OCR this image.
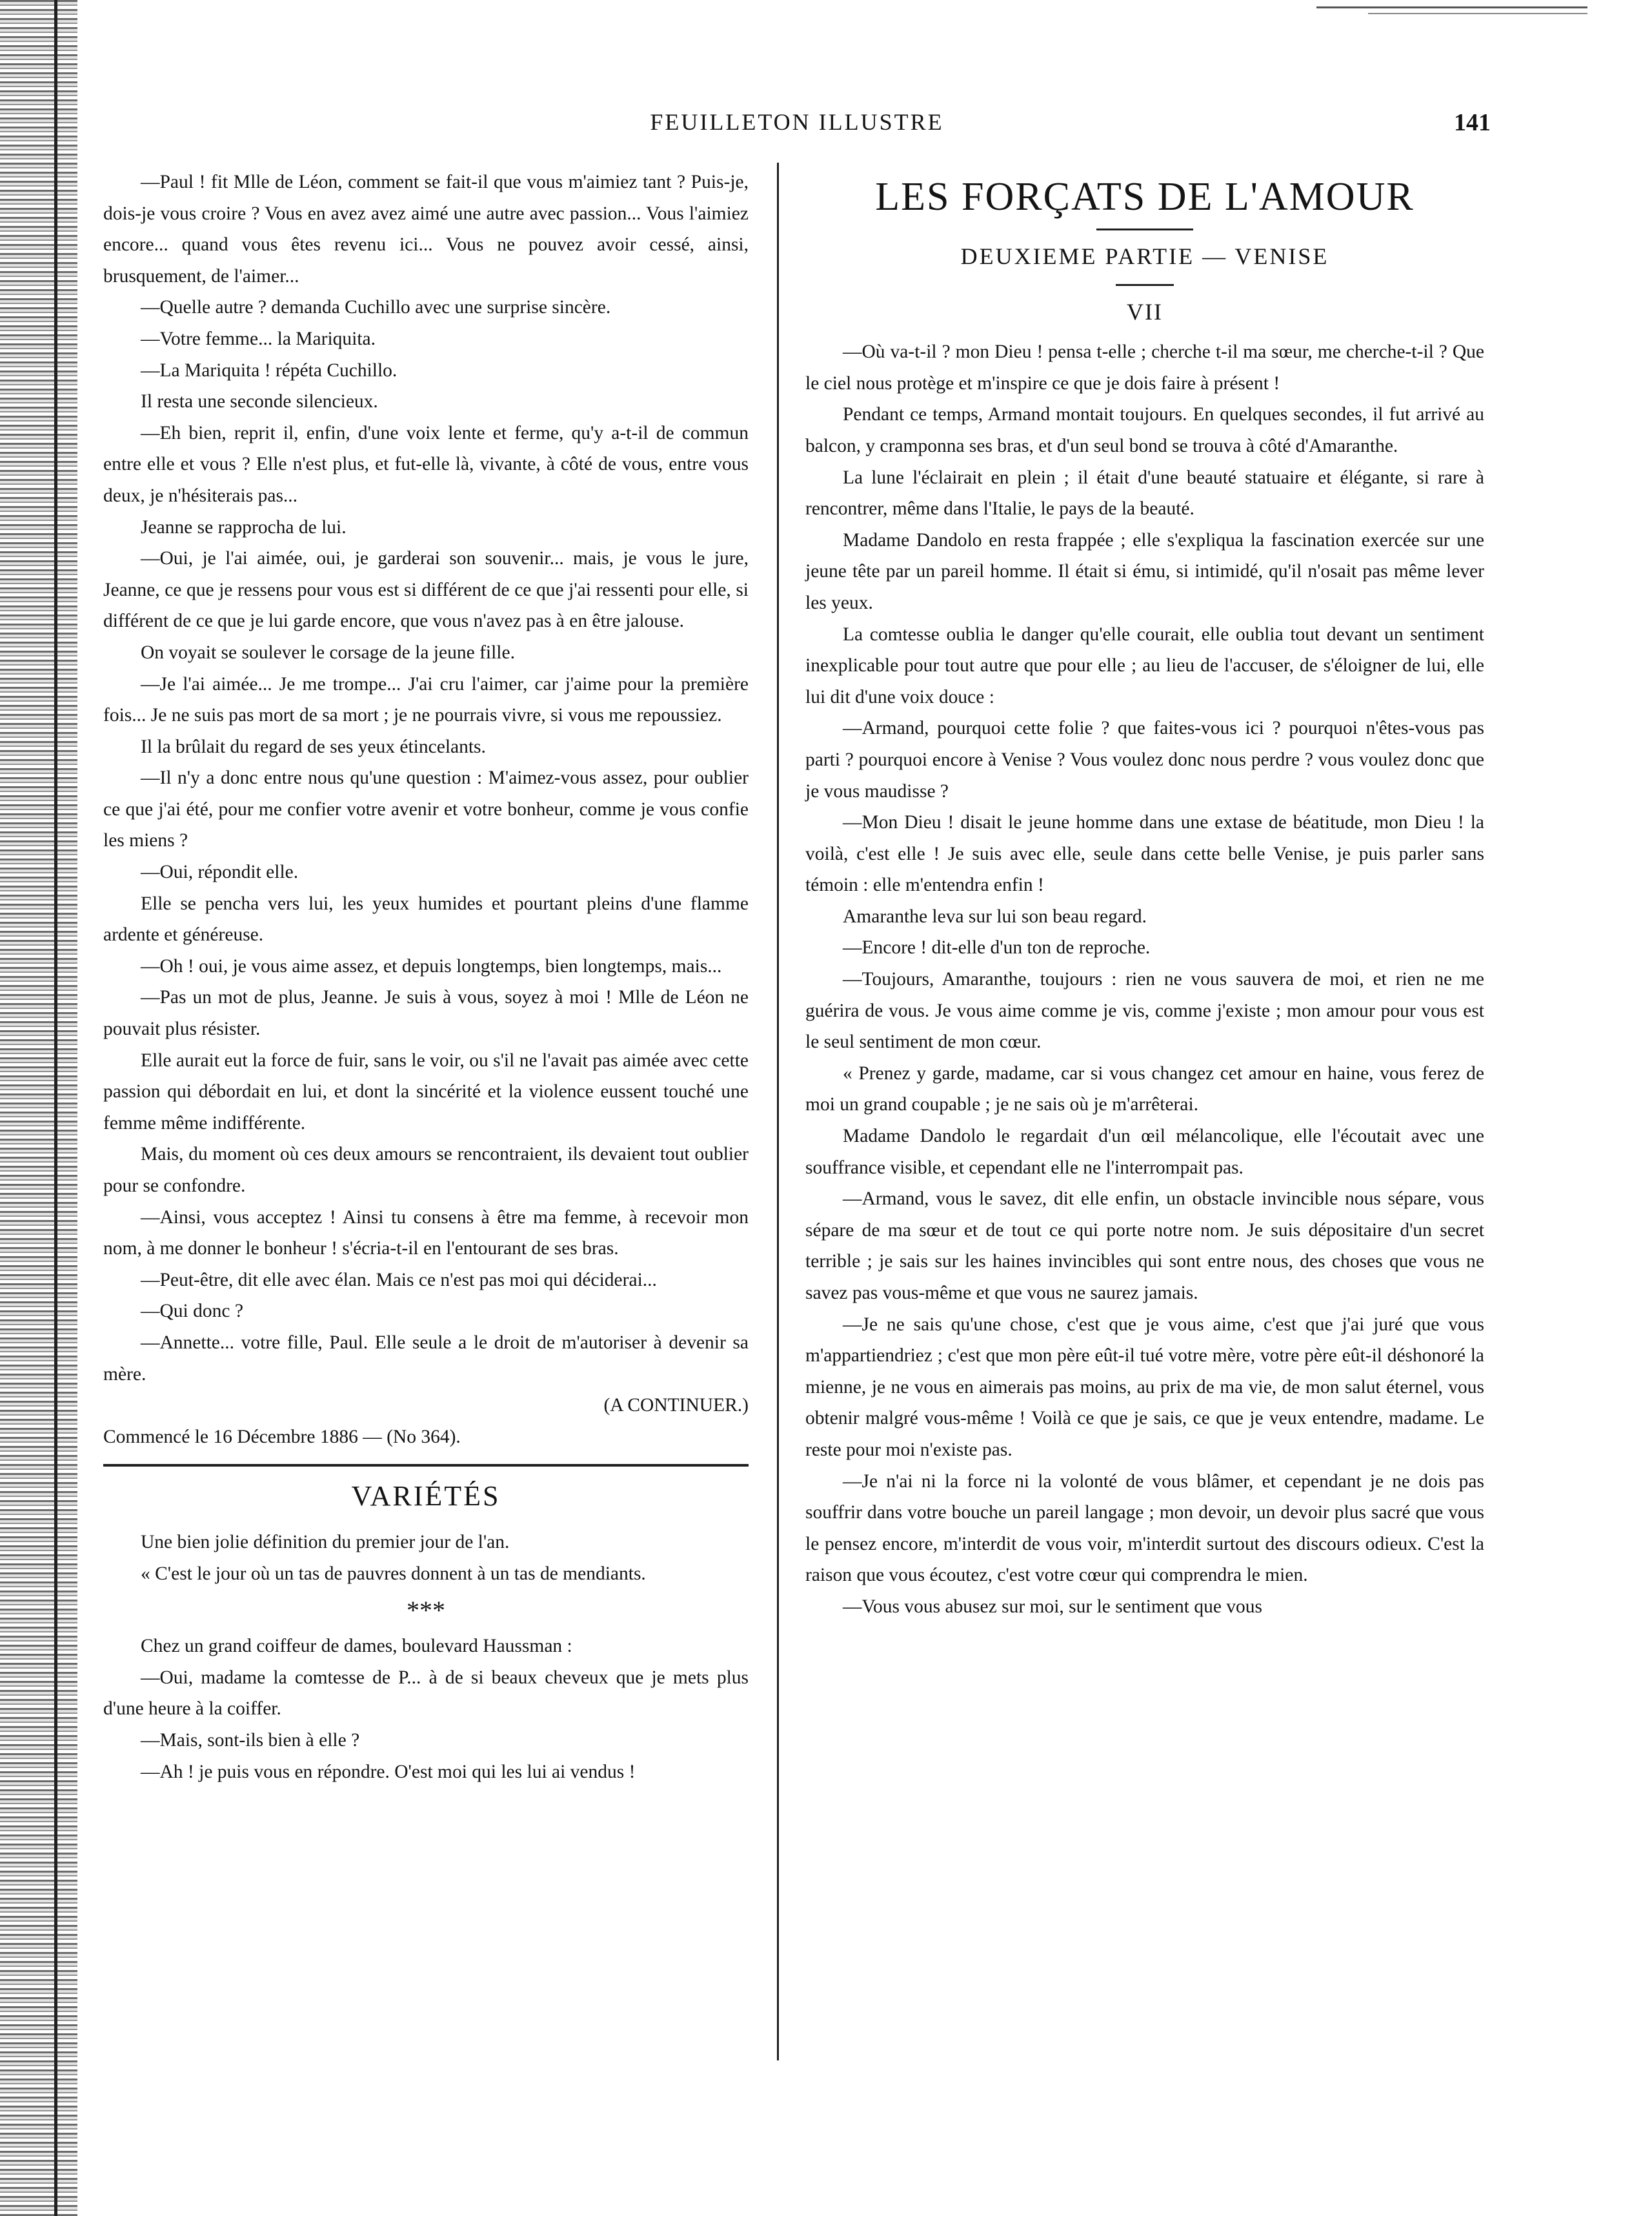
FEUILLETON ILLUSTRE	141

—Paul ! fit Mlle de Léon, comment se fait-il que vous m'aimiez tant ? Puis-je, dois-je vous croire ? Vous en avez avez aimé une autre avec passion... Vous l'aimiez encore... quand vous êtes revenu ici... Vous ne pouvez avoir cessé, ainsi, brusquement, de l'aimer...

—Quelle autre ? demanda Cuchillo avec une surprise sincère.

—Votre femme... la Mariquita.

—La Mariquita ! répéta Cuchillo.

Il resta une seconde silencieux.

—Eh bien, reprit il, enfin, d'une voix lente et ferme, qu'y a-t-il de commun entre elle et vous ? Elle n'est plus, et fut-elle là, vivante, à côté de vous, entre vous deux, je n'hésiterais pas...

Jeanne se rapprocha de lui.

—Oui, je l'ai aimée, oui, je garderai son souvenir... mais, je vous le jure, Jeanne, ce que je ressens pour vous est si différent de ce que j'ai ressenti pour elle, si différent de ce que je lui garde encore, que vous n'avez pas à en être jalouse.

On voyait se soulever le corsage de la jeune fille.

—Je l'ai aimée... Je me trompe... J'ai cru l'aimer, car j'aime pour la première fois... Je ne suis pas mort de sa mort ; je ne pourrais vivre, si vous me repoussiez.

Il la brûlait du regard de ses yeux étincelants.

—Il n'y a donc entre nous qu'une question : M'aimez-vous assez, pour oublier ce que j'ai été, pour me confier votre avenir et votre bonheur, comme je vous confie les miens ?

—Oui, répondit elle.

Elle se pencha vers lui, les yeux humides et pourtant pleins d'une flamme ardente et généreuse.

—Oh ! oui, je vous aime assez, et depuis longtemps, bien longtemps, mais...

—Pas un mot de plus, Jeanne. Je suis à vous, soyez à moi ! Mlle de Léon ne pouvait plus résister.

Elle aurait eut la force de fuir, sans le voir, ou s'il ne l'avait pas aimée avec cette passion qui débordait en lui, et dont la sincérité et la violence eussent touché une femme même indifférente.

Mais, du moment où ces deux amours se rencontraient, ils devaient tout oublier pour se confondre.

—Ainsi, vous acceptez ! Ainsi tu consens à être ma femme, à recevoir mon nom, à me donner le bonheur ! s'écria-t-il en l'entourant de ses bras.

—Peut-être, dit elle avec élan. Mais ce n'est pas moi qui déciderai...

—Qui donc ?

—Annette... votre fille, Paul. Elle seule a le droit de m'autoriser à devenir sa mère.

(A CONTINUER.)

Commencé le 16 Décembre 1886 — (No 364).

VARIÉTÉS

Une bien jolie définition du premier jour de l'an.

« C'est le jour où un tas de pauvres donnent à un tas de mendiants.

***

Chez un grand coiffeur de dames, boulevard Haussman :

—Oui, madame la comtesse de P... à de si beaux cheveux que je mets plus d'une heure à la coiffer.

—Mais, sont-ils bien à elle ?

—Ah ! je puis vous en répondre. O'est moi qui les lui ai vendus !

LES FORÇATS DE L'AMOUR
DEUXIEME PARTIE — VENISE
VII

—Où va-t-il ? mon Dieu ! pensa t-elle ; cherche t-il ma sœur, me cherche-t-il ? Que le ciel nous protège et m'inspire ce que je dois faire à présent !

Pendant ce temps, Armand montait toujours. En quelques secondes, il fut arrivé au balcon, y cramponna ses bras, et d'un seul bond se trouva à côté d'Amaranthe.

La lune l'éclairait en plein ; il était d'une beauté statuaire et élégante, si rare à rencontrer, même dans l'Italie, le pays de la beauté.

Madame Dandolo en resta frappée ; elle s'expliqua la fascination exercée sur une jeune tête par un pareil homme. Il était si ému, si intimidé, qu'il n'osait pas même lever les yeux.

La comtesse oublia le danger qu'elle courait, elle oublia tout devant un sentiment inexplicable pour tout autre que pour elle ; au lieu de l'accuser, de s'éloigner de lui, elle lui dit d'une voix douce :

—Armand, pourquoi cette folie ? que faites-vous ici ? pourquoi n'êtes-vous pas parti ? pourquoi encore à Venise ? Vous voulez donc nous perdre ? vous voulez donc que je vous maudisse ?

—Mon Dieu ! disait le jeune homme dans une extase de béatitude, mon Dieu ! la voilà, c'est elle ! Je suis avec elle, seule dans cette belle Venise, je puis parler sans témoin : elle m'entendra enfin !

Amaranthe leva sur lui son beau regard.

—Encore ! dit-elle d'un ton de reproche.

—Toujours, Amaranthe, toujours : rien ne vous sauvera de moi, et rien ne me guérira de vous. Je vous aime comme je vis, comme j'existe ; mon amour pour vous est le seul sentiment de mon cœur.

« Prenez y garde, madame, car si vous changez cet amour en haine, vous ferez de moi un grand coupable ; je ne sais où je m'arrêterai.

Madame Dandolo le regardait d'un œil mélancolique, elle l'écoutait avec une souffrance visible, et cependant elle ne l'interrompait pas.

—Armand, vous le savez, dit elle enfin, un obstacle invincible nous sépare, vous sépare de ma sœur et de tout ce qui porte notre nom. Je suis dépositaire d'un secret terrible ; je sais sur les haines invincibles qui sont entre nous, des choses que vous ne savez pas vous-même et que vous ne saurez jamais.

—Je ne sais qu'une chose, c'est que je vous aime, c'est que j'ai juré que vous m'appartiendriez ; c'est que mon père eût-il tué votre mère, votre père eût-il déshonoré la mienne, je ne vous en aimerais pas moins, au prix de ma vie, de mon salut éternel, vous obtenir malgré vous-même ! Voilà ce que je sais, ce que je veux entendre, madame. Le reste pour moi n'existe pas.

—Je n'ai ni la force ni la volonté de vous blâmer, et cependant je ne dois pas souffrir dans votre bouche un pareil langage ; mon devoir, un devoir plus sacré que vous le pensez encore, m'interdit de vous voir, m'interdit surtout des discours odieux. C'est la raison que vous écoutez, c'est votre cœur qui comprendra le mien.

—Vous vous abusez sur moi, sur le sentiment que vous
